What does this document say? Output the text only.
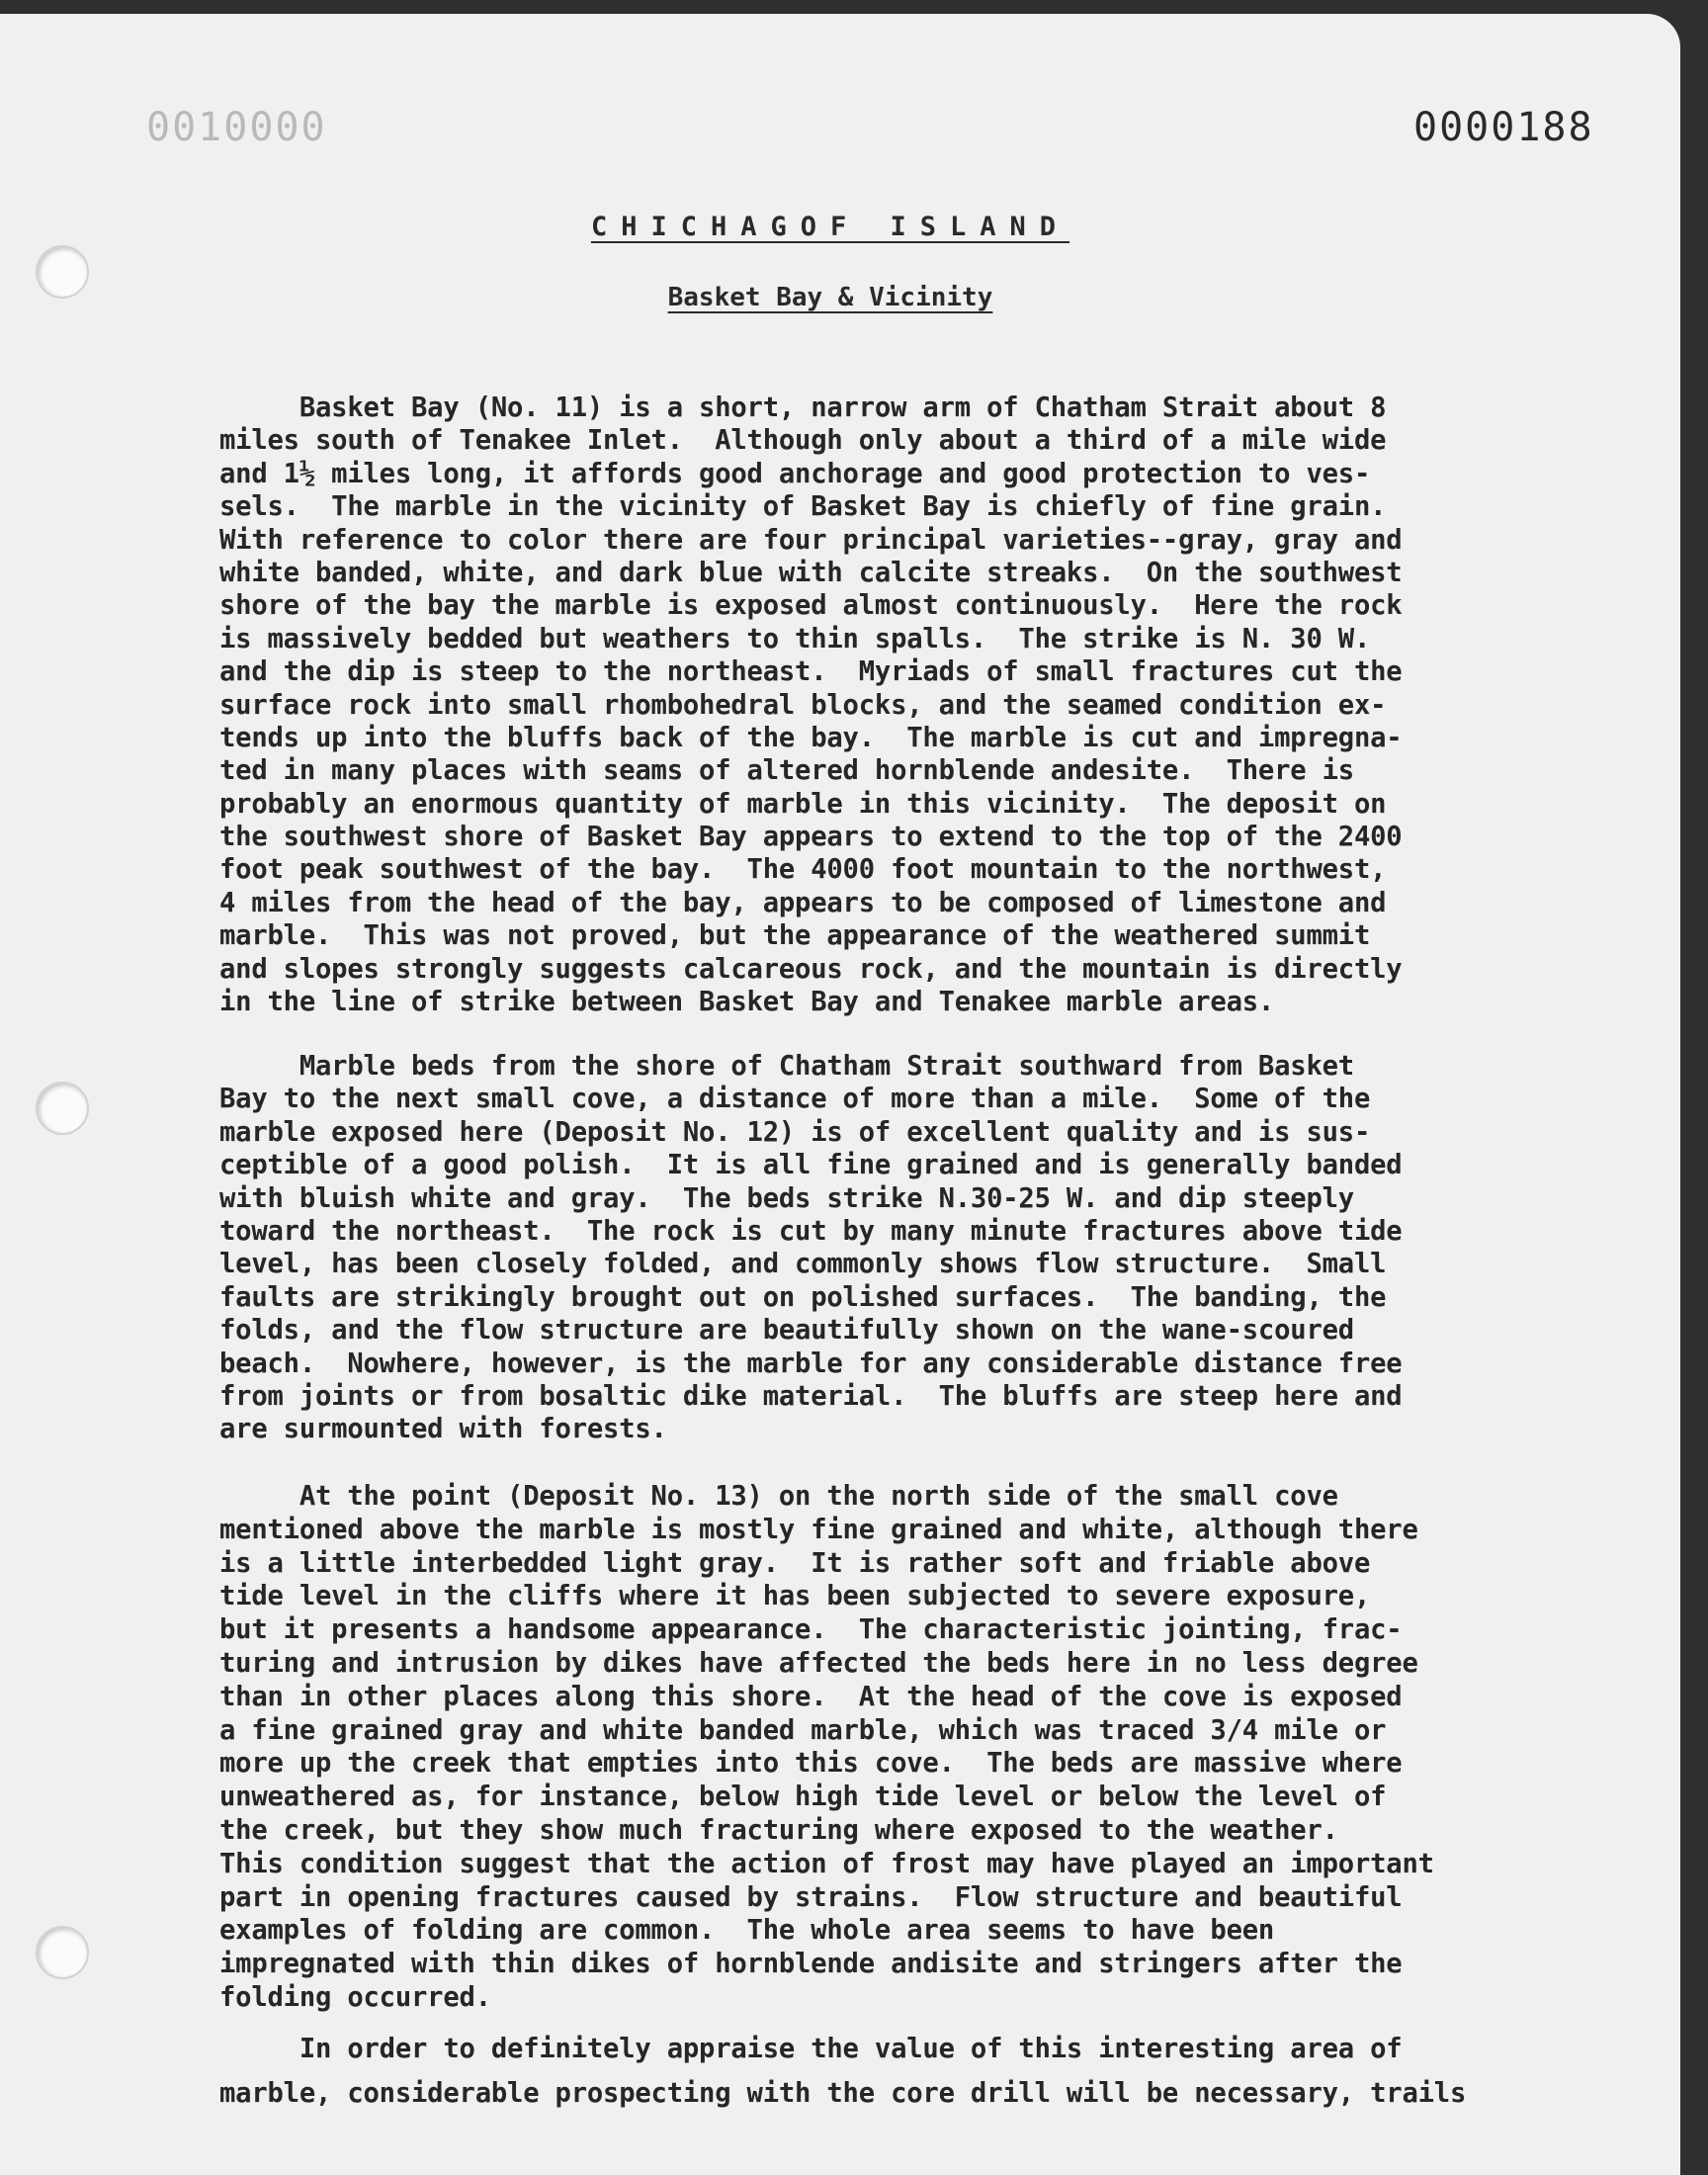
0010000	0000188
CHICHAGOF ISLAND
Basket Bay & Vicinity
Basket Bay (No. 11) is a short, narrow arm of Chatham Strait about 8
miles south of Tenakee Inlet.  Although only about a third of a mile wide
and 1½ miles long, it affords good anchorage and good protection to ves-
sels.  The marble in the vicinity of Basket Bay is chiefly of fine grain.
With reference to color there are four principal varieties--gray, gray and
white banded, white, and dark blue with calcite streaks.  On the southwest
shore of the bay the marble is exposed almost continuously.  Here the rock
is massively bedded but weathers to thin spalls.  The strike is N. 30 W.
and the dip is steep to the northeast.  Myriads of small fractures cut the
surface rock into small rhombohedral blocks, and the seamed condition ex-
tends up into the bluffs back of the bay.  The marble is cut and impregna-
ted in many places with seams of altered hornblende andesite.  There is
probably an enormous quantity of marble in this vicinity.  The deposit on
the southwest shore of Basket Bay appears to extend to the top of the 2400
foot peak southwest of the bay.  The 4000 foot mountain to the northwest,
4 miles from the head of the bay, appears to be composed of limestone and
marble.  This was not proved, but the appearance of the weathered summit
and slopes strongly suggests calcareous rock, and the mountain is directly
in the line of strike between Basket Bay and Tenakee marble areas.
Marble beds from the shore of Chatham Strait southward from Basket
Bay to the next small cove, a distance of more than a mile.  Some of the
marble exposed here (Deposit No. 12) is of excellent quality and is sus-
ceptible of a good polish.  It is all fine grained and is generally banded
with bluish white and gray.  The beds strike N.30-25 W. and dip steeply
toward the northeast.  The rock is cut by many minute fractures above tide
level, has been closely folded, and commonly shows flow structure.  Small
faults are strikingly brought out on polished surfaces.  The banding, the
folds, and the flow structure are beautifully shown on the wane-scoured
beach.  Nowhere, however, is the marble for any considerable distance free
from joints or from bosaltic dike material.  The bluffs are steep here and
are surmounted with forests.
At the point (Deposit No. 13) on the north side of the small cove
mentioned above the marble is mostly fine grained and white, although there
is a little interbedded light gray.  It is rather soft and friable above
tide level in the cliffs where it has been subjected to severe exposure,
but it presents a handsome appearance.  The characteristic jointing, frac-
turing and intrusion by dikes have affected the beds here in no less degree
than in other places along this shore.  At the head of the cove is exposed
a fine grained gray and white banded marble, which was traced 3/4 mile or
more up the creek that empties into this cove.  The beds are massive where
unweathered as, for instance, below high tide level or below the level of
the creek, but they show much fracturing where exposed to the weather.
This condition suggest that the action of frost may have played an important
part in opening fractures caused by strains.  Flow structure and beautiful
examples of folding are common.  The whole area seems to have been
impregnated with thin dikes of hornblende andisite and stringers after the
folding occurred.
In order to definitely appraise the value of this interesting area of
marble, considerable prospecting with the core drill will be necessary, trails
